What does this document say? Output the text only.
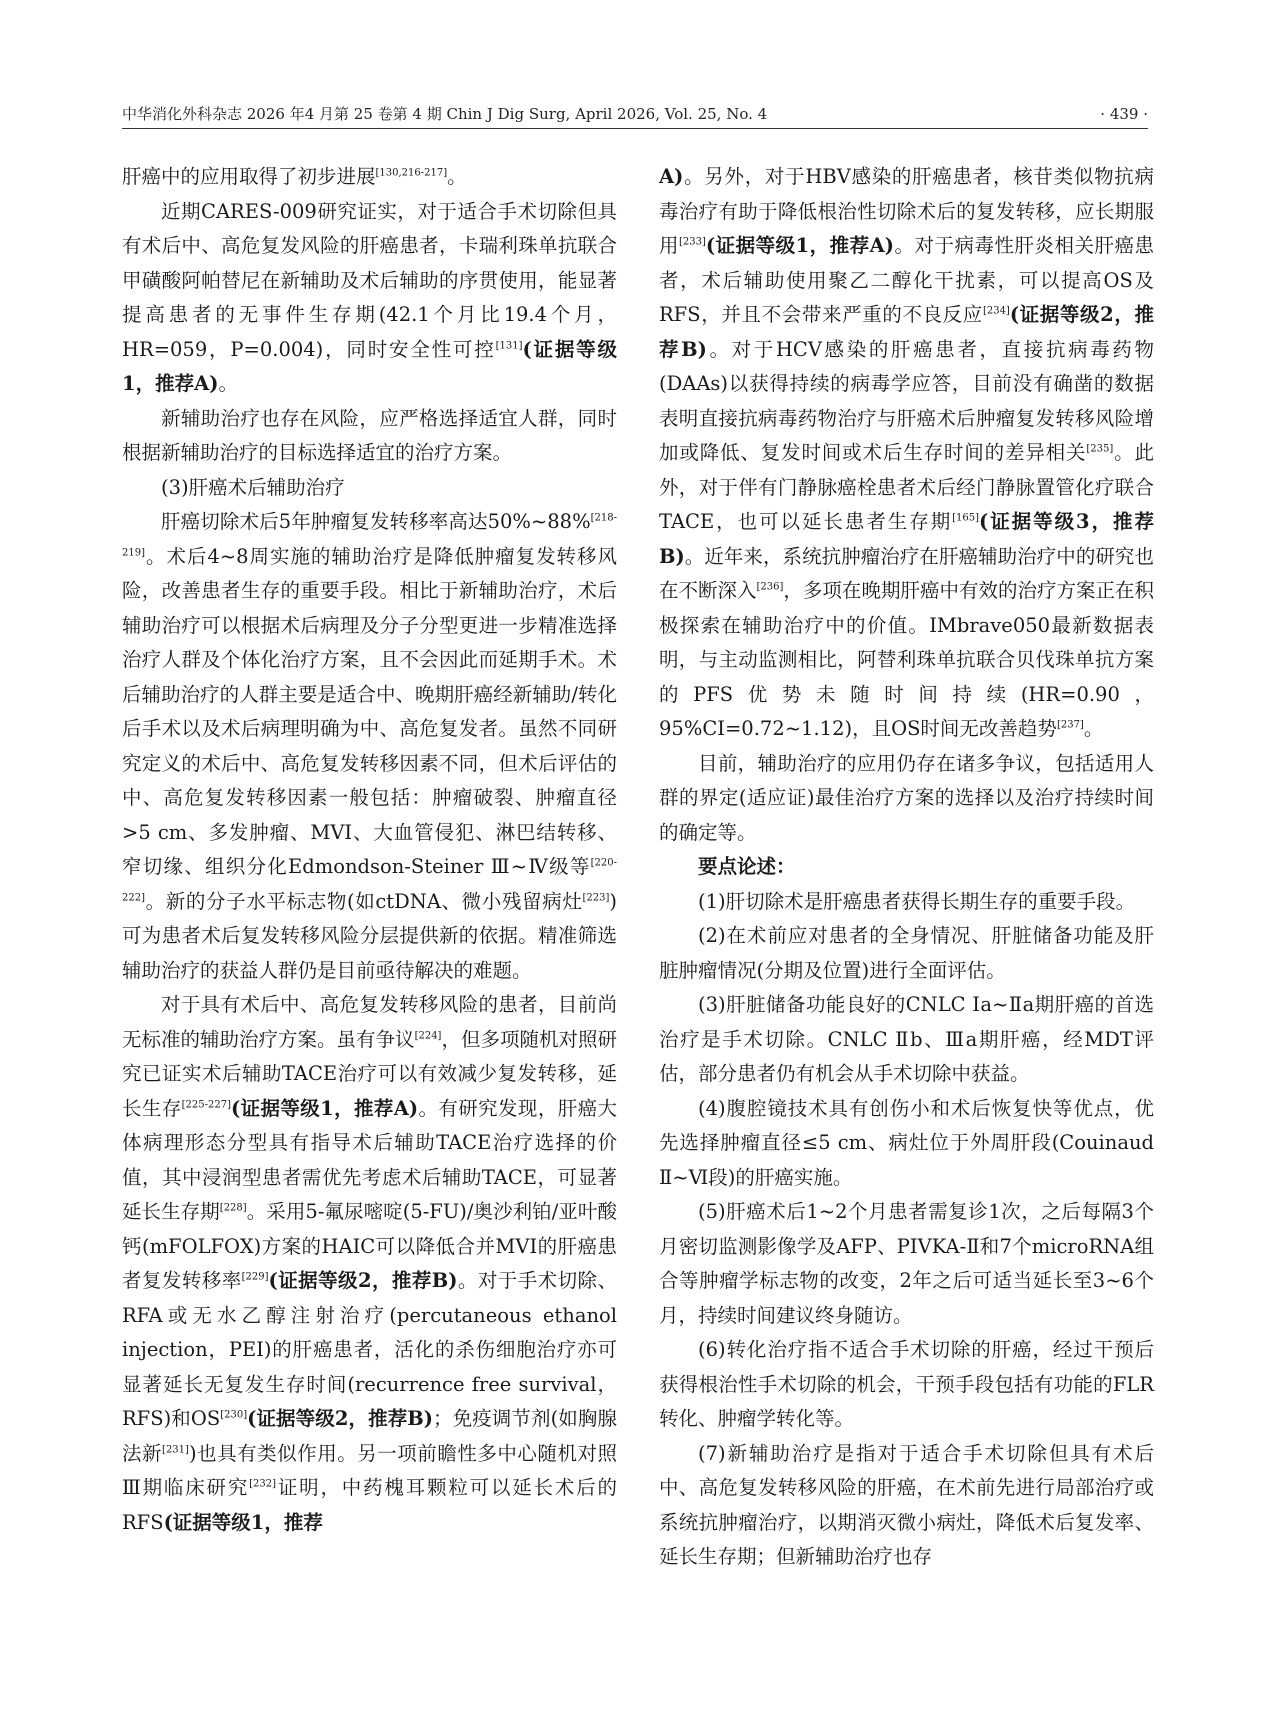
中华消化外科杂志 2026 年4 月第 25 卷第 4 期 Chin J Dig Surg, April 2026, Vol. 25, No. 4	· 439 ·

肝癌中的应用取得了初步进展[130,216-217]。

近期CARES-009研究证实，对于适合手术切除但具有术后中、高危复发风险的肝癌患者，卡瑞利珠单抗联合甲磺酸阿帕替尼在新辅助及术后辅助的序贯使用，能显著提高患者的无事件生存期(42.1个月比19.4个月，HR=059，P=0.004)，同时安全性可控[131](证据等级1，推荐A)。

新辅助治疗也存在风险，应严格选择适宜人群，同时根据新辅助治疗的目标选择适宜的治疗方案。

(3)肝癌术后辅助治疗

肝癌切除术后5年肿瘤复发转移率高达50%~88%[218-219]。术后4~8周实施的辅助治疗是降低肿瘤复发转移风险，改善患者生存的重要手段。相比于新辅助治疗，术后辅助治疗可以根据术后病理及分子分型更进一步精准选择治疗人群及个体化治疗方案，且不会因此而延期手术。术后辅助治疗的人群主要是适合中、晚期肝癌经新辅助/转化后手术以及术后病理明确为中、高危复发者。虽然不同研究定义的术后中、高危复发转移因素不同，但术后评估的中、高危复发转移因素一般包括：肿瘤破裂、肿瘤直径>5 cm、多发肿瘤、MVI、大血管侵犯、淋巴结转移、窄切缘、组织分化Edmondson-Steiner Ⅲ~Ⅳ级等[220-222]。新的分子水平标志物(如ctDNA、微小残留病灶[223])可为患者术后复发转移风险分层提供新的依据。精准筛选辅助治疗的获益人群仍是目前亟待解决的难题。

对于具有术后中、高危复发转移风险的患者，目前尚无标准的辅助治疗方案。虽有争议[224]，但多项随机对照研究已证实术后辅助TACE治疗可以有效减少复发转移，延长生存[225-227](证据等级1，推荐A)。有研究发现，肝癌大体病理形态分型具有指导术后辅助TACE治疗选择的价值，其中浸润型患者需优先考虑术后辅助TACE，可显著延长生存期[228]。采用5-氟尿嘧啶(5-FU)/奥沙利铂/亚叶酸钙(mFOLFOX)方案的HAIC可以降低合并MVI的肝癌患者复发转移率[229](证据等级2，推荐B)。对于手术切除、RFA或无水乙醇注射治疗(percutaneous ethanol injection，PEI)的肝癌患者，活化的杀伤细胞治疗亦可显著延长无复发生存时间(recurrence free survival，RFS)和OS[230](证据等级2，推荐B)；免疫调节剂(如胸腺法新[231])也具有类似作用。另一项前瞻性多中心随机对照Ⅲ期临床研究[232]证明，中药槐耳颗粒可以延长术后的RFS(证据等级1，推荐

A)。另外，对于HBV感染的肝癌患者，核苷类似物抗病毒治疗有助于降低根治性切除术后的复发转移，应长期服用[233](证据等级1，推荐A)。对于病毒性肝炎相关肝癌患者，术后辅助使用聚乙二醇化干扰素，可以提高OS及RFS，并且不会带来严重的不良反应[234](证据等级2，推荐B)。对于HCV感染的肝癌患者，直接抗病毒药物(DAAs)以获得持续的病毒学应答，目前没有确凿的数据表明直接抗病毒药物治疗与肝癌术后肿瘤复发转移风险增加或降低、复发时间或术后生存时间的差异相关[235]。此外，对于伴有门静脉癌栓患者术后经门静脉置管化疗联合TACE，也可以延长患者生存期[165](证据等级3，推荐B)。近年来，系统抗肿瘤治疗在肝癌辅助治疗中的研究也在不断深入[236]，多项在晚期肝癌中有效的治疗方案正在积极探索在辅助治疗中的价值。IMbrave050最新数据表明，与主动监测相比，阿替利珠单抗联合贝伐珠单抗方案的PFS优势未随时间持续(HR=0.90，95%CI=0.72~1.12)，且OS时间无改善趋势[237]。

目前，辅助治疗的应用仍存在诸多争议，包括适用人群的界定(适应证)最佳治疗方案的选择以及治疗持续时间的确定等。

要点论述：

(1)肝切除术是肝癌患者获得长期生存的重要手段。

(2)在术前应对患者的全身情况、肝脏储备功能及肝脏肿瘤情况(分期及位置)进行全面评估。

(3)肝脏储备功能良好的CNLC Ⅰa~Ⅱa期肝癌的首选治疗是手术切除。CNLC Ⅱb、Ⅲa期肝癌，经MDT评估，部分患者仍有机会从手术切除中获益。

(4)腹腔镜技术具有创伤小和术后恢复快等优点，优先选择肿瘤直径≤5 cm、病灶位于外周肝段(Couinaud Ⅱ~Ⅵ段)的肝癌实施。

(5)肝癌术后1~2个月患者需复诊1次，之后每隔3个月密切监测影像学及AFP、PIVKA-Ⅱ和7个microRNA组合等肿瘤学标志物的改变，2年之后可适当延长至3~6个月，持续时间建议终身随访。

(6)转化治疗指不适合手术切除的肝癌，经过干预后获得根治性手术切除的机会，干预手段包括有功能的FLR转化、肿瘤学转化等。

(7)新辅助治疗是指对于适合手术切除但具有术后中、高危复发转移风险的肝癌，在术前先进行局部治疗或系统抗肿瘤治疗，以期消灭微小病灶，降低术后复发率、延长生存期；但新辅助治疗也存
